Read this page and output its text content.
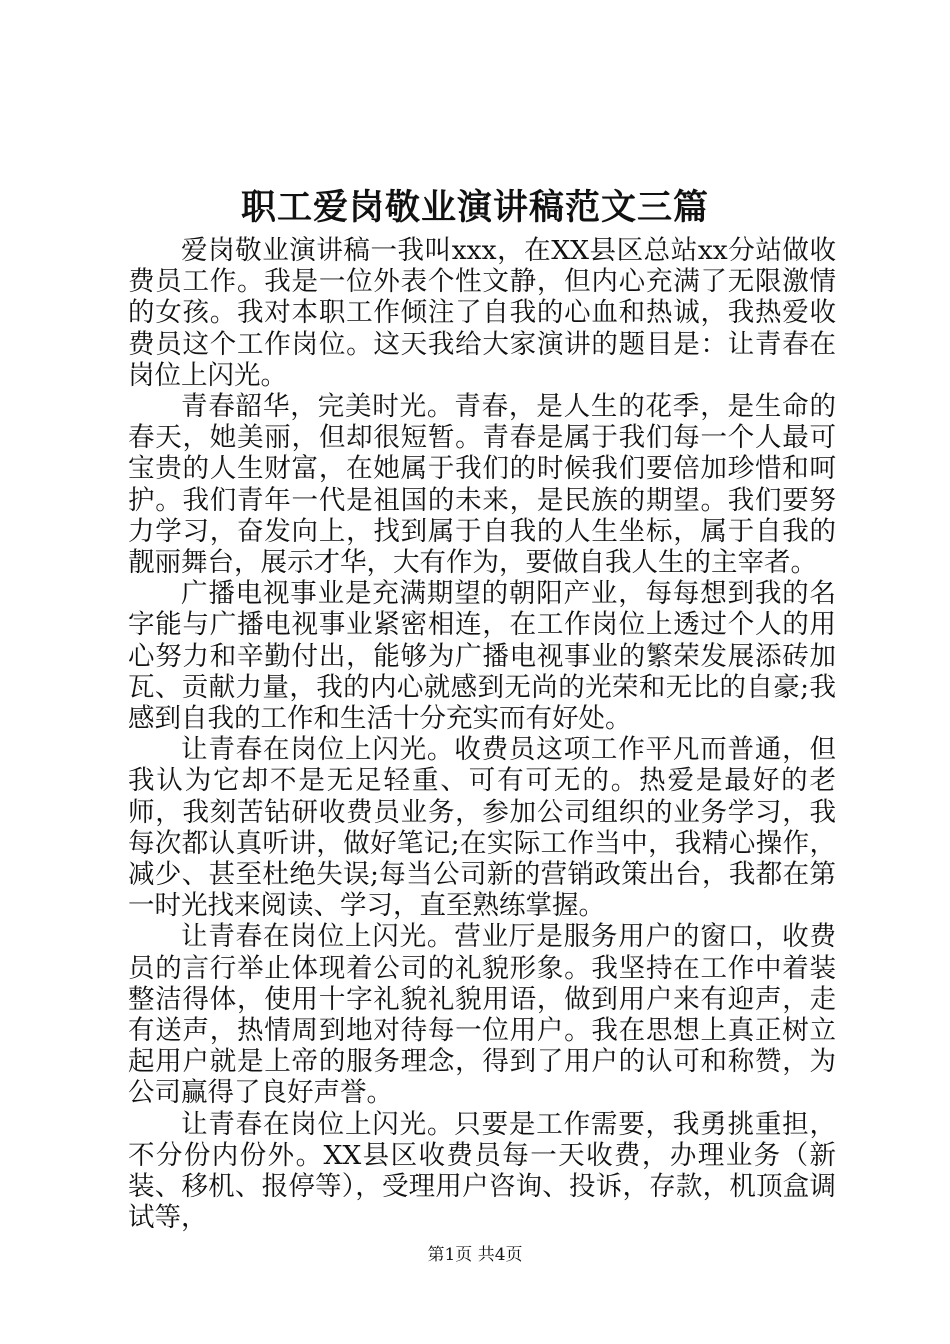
职工爱岗敬业演讲稿范文三篇

爱岗敬业演讲稿一我叫xxx，在XX县区总站xx分站做收费员工作。我是一位外表个性文静，但内心充满了无限激情的女孩。我对本职工作倾注了自我的心血和热诚，我热爱收费员这个工作岗位。这天我给大家演讲的题目是：让青春在岗位上闪光。

青春韶华，完美时光。青春，是人生的花季，是生命的春天，她美丽，但却很短暂。青春是属于我们每一个人最可宝贵的人生财富，在她属于我们的时候我们要倍加珍惜和呵护。我们青年一代是祖国的未来，是民族的期望。我们要努力学习，奋发向上，找到属于自我的人生坐标，属于自我的靓丽舞台，展示才华，大有作为，要做自我人生的主宰者。

广播电视事业是充满期望的朝阳产业，每每想到我的名字能与广播电视事业紧密相连，在工作岗位上透过个人的用心努力和辛勤付出，能够为广播电视事业的繁荣发展添砖加瓦、贡献力量，我的内心就感到无尚的光荣和无比的自豪;我感到自我的工作和生活十分充实而有好处。

让青春在岗位上闪光。收费员这项工作平凡而普通，但我认为它却不是无足轻重、可有可无的。热爱是最好的老师，我刻苦钻研收费员业务，参加公司组织的业务学习，我每次都认真听讲，做好笔记;在实际工作当中，我精心操作，减少、甚至杜绝失误;每当公司新的营销政策出台，我都在第一时光找来阅读、学习，直至熟练掌握。

让青春在岗位上闪光。营业厅是服务用户的窗口，收费员的言行举止体现着公司的礼貌形象。我坚持在工作中着装整洁得体，使用十字礼貌礼貌用语，做到用户来有迎声，走有送声，热情周到地对待每一位用户。我在思想上真正树立起用户就是上帝的服务理念，得到了用户的认可和称赞，为公司赢得了良好声誉。

让青春在岗位上闪光。只要是工作需要，我勇挑重担，不分份内份外。XX县区收费员每一天收费，办理业务（新装、移机、报停等），受理用户咨询、投诉，存款，机顶盒调试等，

第1页 共4页
